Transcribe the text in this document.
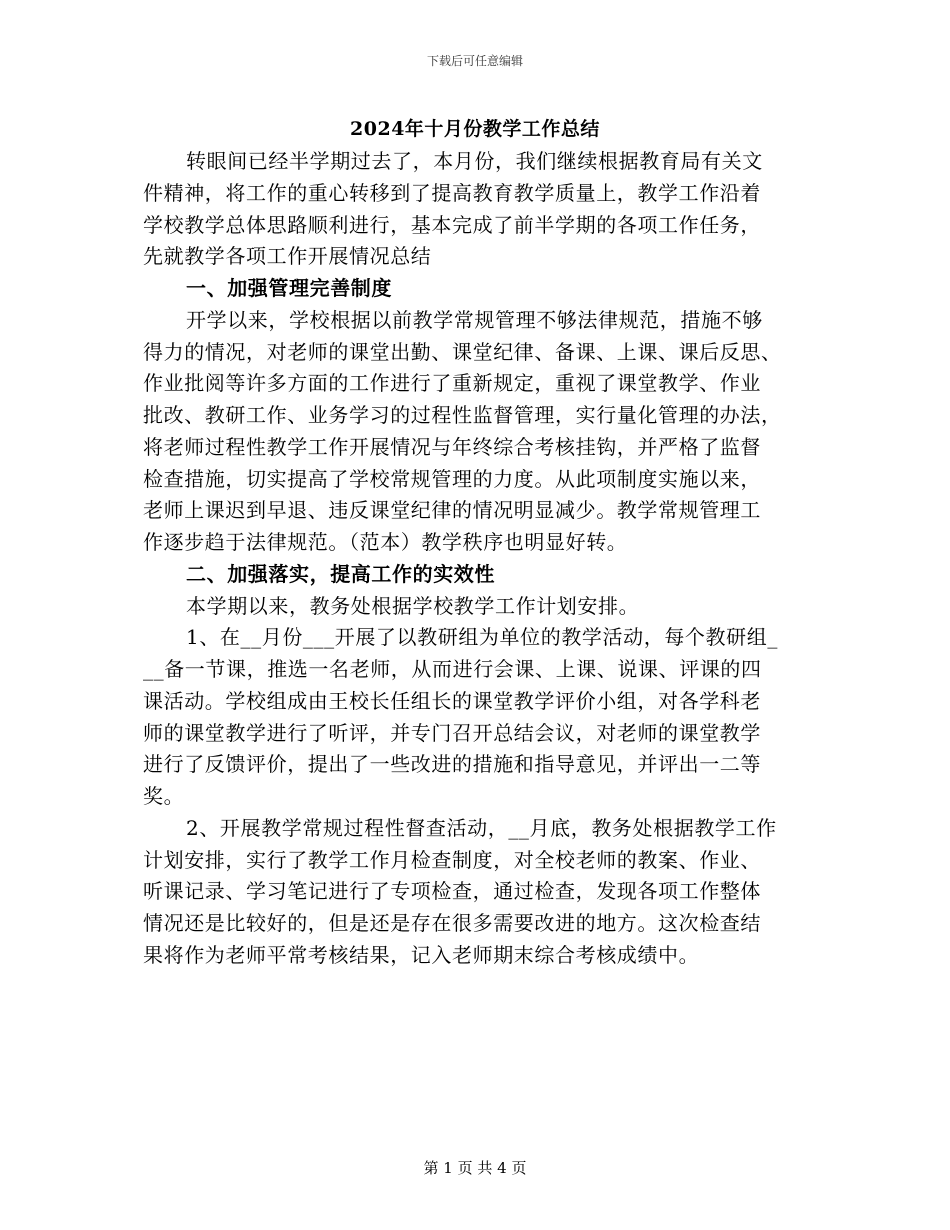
下载后可任意编辑
2024年十月份教学工作总结
转眼间已经半学期过去了，本月份，我们继续根据教育局有关文
件精神，将工作的重心转移到了提高教育教学质量上，教学工作沿着
学校教学总体思路顺利进行，基本完成了前半学期的各项工作任务，
先就教学各项工作开展情况总结
一、加强管理完善制度
开学以来，学校根据以前教学常规管理不够法律规范，措施不够
得力的情况，对老师的课堂出勤、课堂纪律、备课、上课、课后反思、
作业批阅等许多方面的工作进行了重新规定，重视了课堂教学、作业
批改、教研工作、业务学习的过程性监督管理，实行量化管理的办法，
将老师过程性教学工作开展情况与年终综合考核挂钩，并严格了监督
检查措施，切实提高了学校常规管理的力度。从此项制度实施以来，
老师上课迟到早退、违反课堂纪律的情况明显减少。教学常规管理工
作逐步趋于法律规范。（范本）教学秩序也明显好转。
二、加强落实，提高工作的实效性
本学期以来，教务处根据学校教学工作计划安排。
1、在__月份___开展了以教研组为单位的教学活动，每个教研组_
__备一节课，推选一名老师，从而进行会课、上课、说课、评课的四
课活动。学校组成由王校长任组长的课堂教学评价小组，对各学科老
师的课堂教学进行了听评，并专门召开总结会议，对老师的课堂教学
进行了反馈评价，提出了一些改进的措施和指导意见，并评出一二等
奖。
2、开展教学常规过程性督查活动，__月底，教务处根据教学工作
计划安排，实行了教学工作月检查制度，对全校老师的教案、作业、
听课记录、学习笔记进行了专项检查，通过检查，发现各项工作整体
情况还是比较好的，但是还是存在很多需要改进的地方。这次检查结
果将作为老师平常考核结果，记入老师期末综合考核成绩中。
第 1 页 共 4 页
